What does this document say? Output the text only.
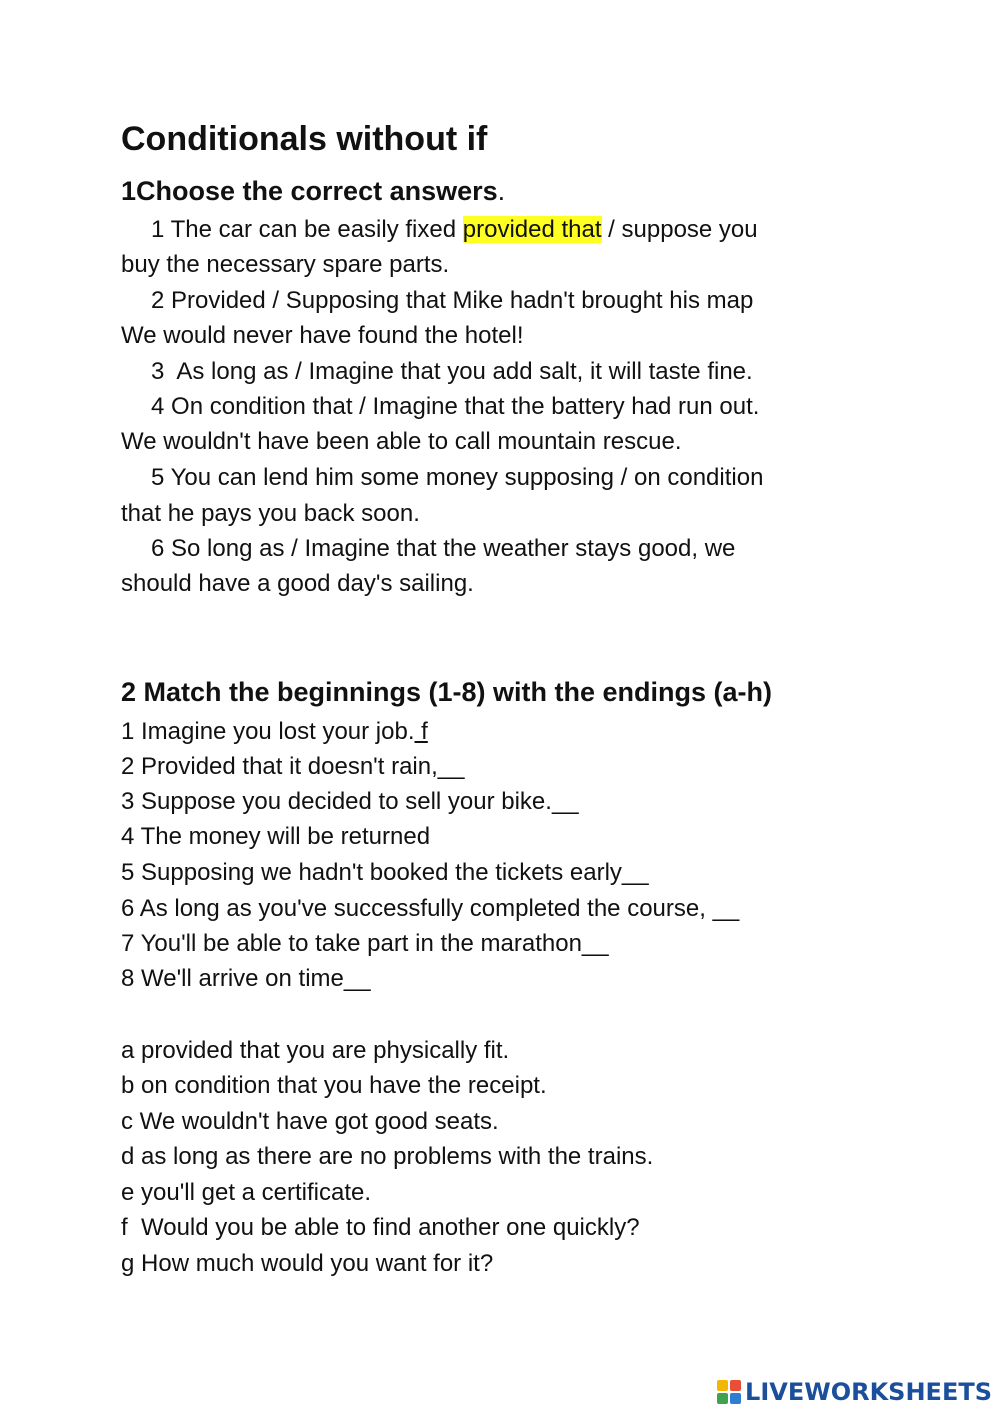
Conditionals without if
1Choose the correct answers.
1 The car can be easily fixed provided that / suppose you
buy the necessary spare parts.
2 Provided / Supposing that Mike hadn't brought his map
We would never have found the hotel!
3  As long as / Imagine that you add salt, it will taste fine.
4 On condition that / Imagine that the battery had run out.
We wouldn't have been able to call mountain rescue.
5 You can lend him some money supposing / on condition
that he pays you back soon.
6 So long as / Imagine that the weather stays good, we
should have a good day's sailing.
2 Match the beginnings (1-8) with the endings (a-h)
1 Imagine you lost your job. f
2 Provided that it doesn't rain,__
3 Suppose you decided to sell your bike.__
4 The money will be returned
5 Supposing we hadn't booked the tickets early__
6 As long as you've successfully completed the course, __
7 You'll be able to take part in the marathon__
8 We'll arrive on time__
a provided that you are physically fit.
b on condition that you have the receipt.
c We wouldn't have got good seats.
d as long as there are no problems with the trains.
e you'll get a certificate.
f  Would you be able to find another one quickly?
g How much would you want for it?
LIVEWORKSHEETS
